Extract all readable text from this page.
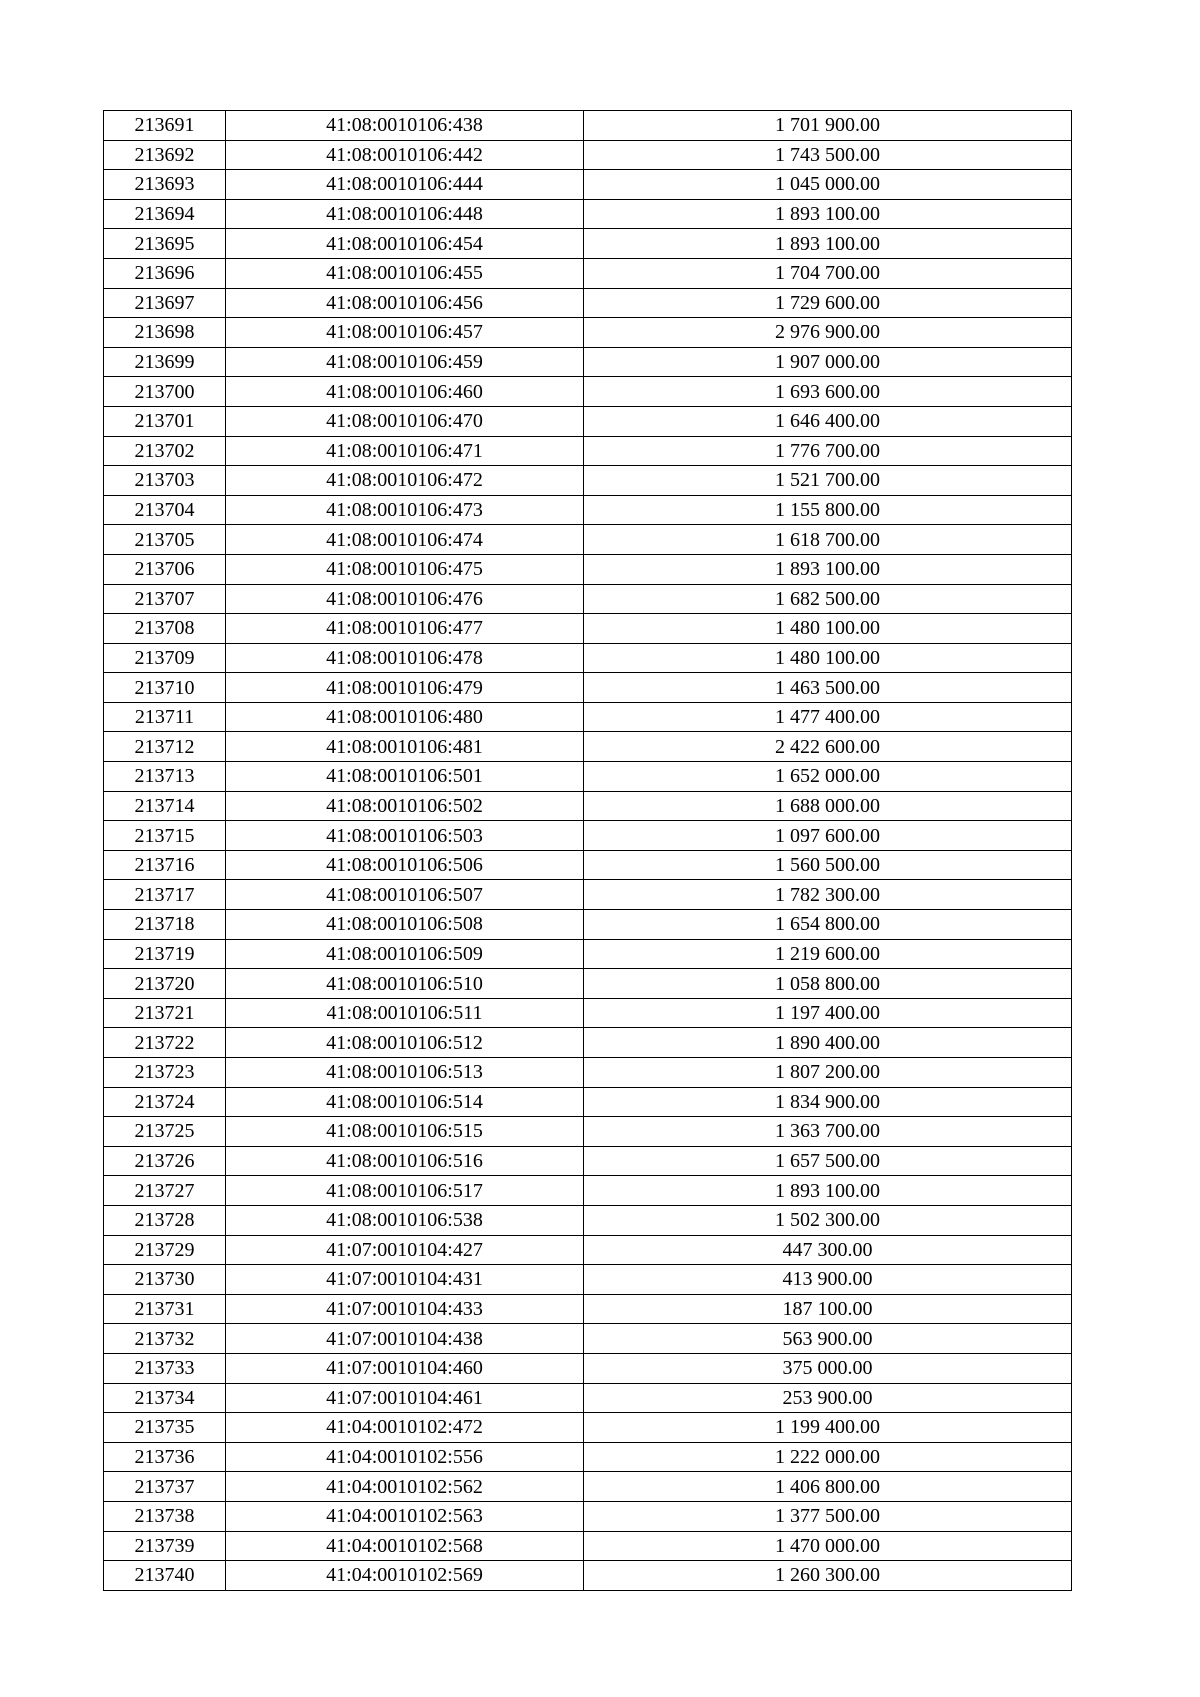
213691	41:08:0010106:438	1 701 900.00
213692	41:08:0010106:442	1 743 500.00
213693	41:08:0010106:444	1 045 000.00
213694	41:08:0010106:448	1 893 100.00
213695	41:08:0010106:454	1 893 100.00
213696	41:08:0010106:455	1 704 700.00
213697	41:08:0010106:456	1 729 600.00
213698	41:08:0010106:457	2 976 900.00
213699	41:08:0010106:459	1 907 000.00
213700	41:08:0010106:460	1 693 600.00
213701	41:08:0010106:470	1 646 400.00
213702	41:08:0010106:471	1 776 700.00
213703	41:08:0010106:472	1 521 700.00
213704	41:08:0010106:473	1 155 800.00
213705	41:08:0010106:474	1 618 700.00
213706	41:08:0010106:475	1 893 100.00
213707	41:08:0010106:476	1 682 500.00
213708	41:08:0010106:477	1 480 100.00
213709	41:08:0010106:478	1 480 100.00
213710	41:08:0010106:479	1 463 500.00
213711	41:08:0010106:480	1 477 400.00
213712	41:08:0010106:481	2 422 600.00
213713	41:08:0010106:501	1 652 000.00
213714	41:08:0010106:502	1 688 000.00
213715	41:08:0010106:503	1 097 600.00
213716	41:08:0010106:506	1 560 500.00
213717	41:08:0010106:507	1 782 300.00
213718	41:08:0010106:508	1 654 800.00
213719	41:08:0010106:509	1 219 600.00
213720	41:08:0010106:510	1 058 800.00
213721	41:08:0010106:511	1 197 400.00
213722	41:08:0010106:512	1 890 400.00
213723	41:08:0010106:513	1 807 200.00
213724	41:08:0010106:514	1 834 900.00
213725	41:08:0010106:515	1 363 700.00
213726	41:08:0010106:516	1 657 500.00
213727	41:08:0010106:517	1 893 100.00
213728	41:08:0010106:538	1 502 300.00
213729	41:07:0010104:427	447 300.00
213730	41:07:0010104:431	413 900.00
213731	41:07:0010104:433	187 100.00
213732	41:07:0010104:438	563 900.00
213733	41:07:0010104:460	375 000.00
213734	41:07:0010104:461	253 900.00
213735	41:04:0010102:472	1 199 400.00
213736	41:04:0010102:556	1 222 000.00
213737	41:04:0010102:562	1 406 800.00
213738	41:04:0010102:563	1 377 500.00
213739	41:04:0010102:568	1 470 000.00
213740	41:04:0010102:569	1 260 300.00
